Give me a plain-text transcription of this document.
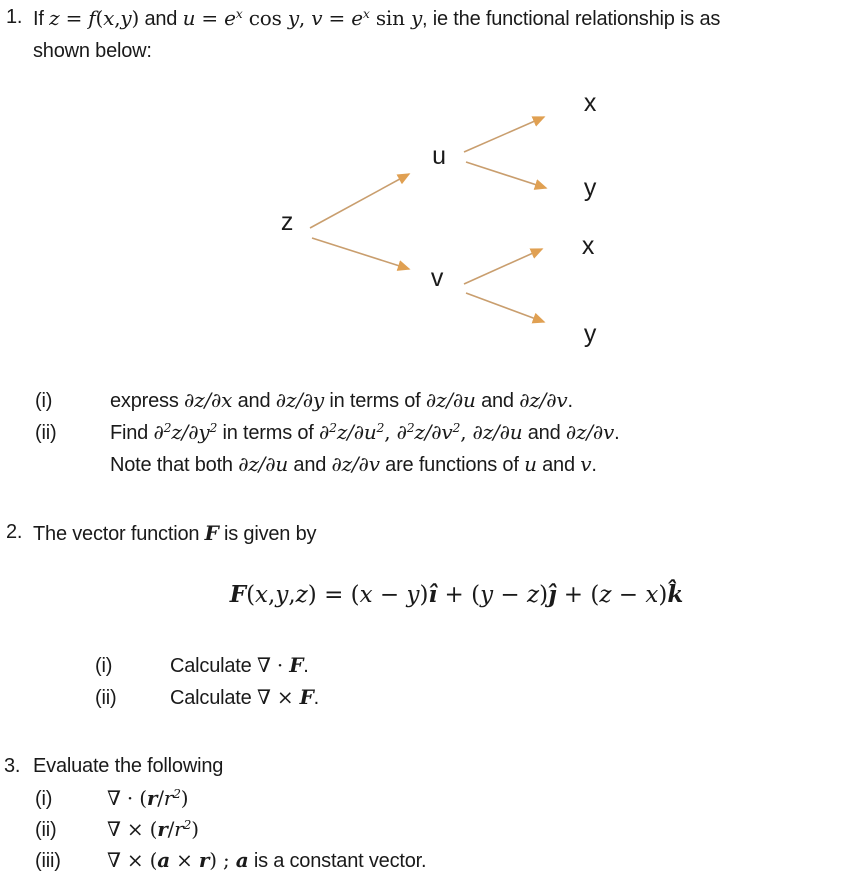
1. If z = f(x,y) and $u = e^x$ cos y, $v = e^x$ sin y, ie the functional relationship is as
shown below:
z
u
v
x
y
x
y
(i)	express ∂z/∂x and ∂z/∂y in terms of ∂z/∂u and ∂z/∂v.
(ii)	Find $\partial^2z/\partial y^2$ in terms of $\partial^2z/\partial u^2$, $\partial^2z/\partial v^2$, ∂z/∂u and ∂z/∂v.
Note that both ∂z/∂u and ∂z/∂v are functions of u and v.
2. The vector function F is given by
F(x,y,z) = (x − y)î + (y − z)ĵ + (z − x)k̂
(i)	Calculate ∇ · F.
(ii)	Calculate ∇ × F.
3. Evaluate the following
(i)	∇ · $(r/r^2)$
(ii)	∇ × $(r/r^2)$
(iii) ∇ × (a × r) ; a is a constant vector.
